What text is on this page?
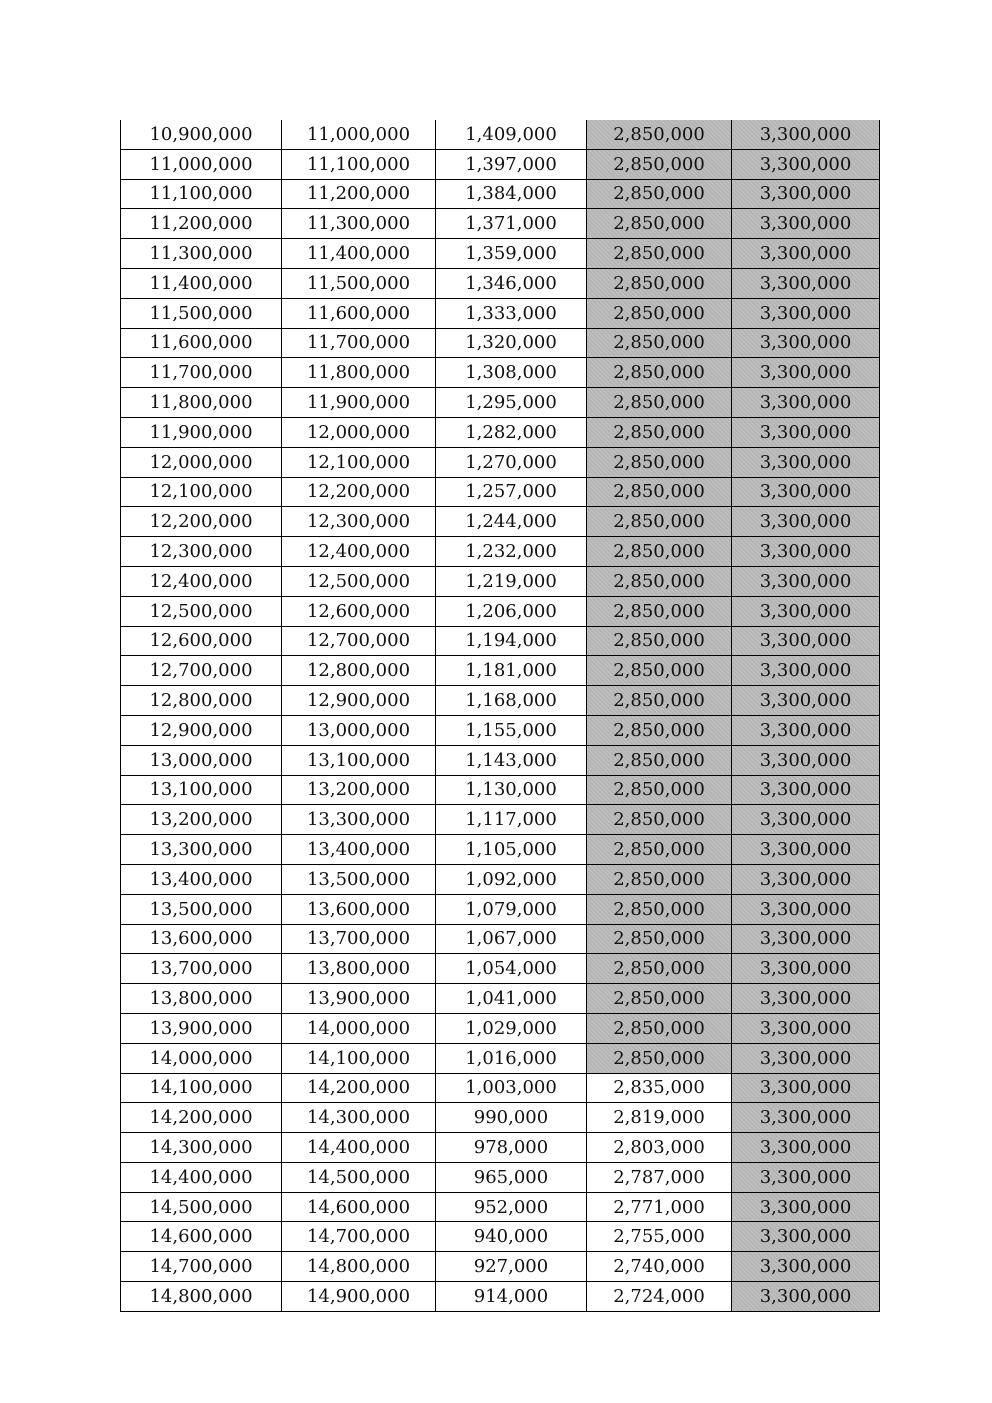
10,900,000	11,000,000	1,409,000	2,850,000	3,300,000
11,000,000	11,100,000	1,397,000	2,850,000	3,300,000
11,100,000	11,200,000	1,384,000	2,850,000	3,300,000
11,200,000	11,300,000	1,371,000	2,850,000	3,300,000
11,300,000	11,400,000	1,359,000	2,850,000	3,300,000
11,400,000	11,500,000	1,346,000	2,850,000	3,300,000
11,500,000	11,600,000	1,333,000	2,850,000	3,300,000
11,600,000	11,700,000	1,320,000	2,850,000	3,300,000
11,700,000	11,800,000	1,308,000	2,850,000	3,300,000
11,800,000	11,900,000	1,295,000	2,850,000	3,300,000
11,900,000	12,000,000	1,282,000	2,850,000	3,300,000
12,000,000	12,100,000	1,270,000	2,850,000	3,300,000
12,100,000	12,200,000	1,257,000	2,850,000	3,300,000
12,200,000	12,300,000	1,244,000	2,850,000	3,300,000
12,300,000	12,400,000	1,232,000	2,850,000	3,300,000
12,400,000	12,500,000	1,219,000	2,850,000	3,300,000
12,500,000	12,600,000	1,206,000	2,850,000	3,300,000
12,600,000	12,700,000	1,194,000	2,850,000	3,300,000
12,700,000	12,800,000	1,181,000	2,850,000	3,300,000
12,800,000	12,900,000	1,168,000	2,850,000	3,300,000
12,900,000	13,000,000	1,155,000	2,850,000	3,300,000
13,000,000	13,100,000	1,143,000	2,850,000	3,300,000
13,100,000	13,200,000	1,130,000	2,850,000	3,300,000
13,200,000	13,300,000	1,117,000	2,850,000	3,300,000
13,300,000	13,400,000	1,105,000	2,850,000	3,300,000
13,400,000	13,500,000	1,092,000	2,850,000	3,300,000
13,500,000	13,600,000	1,079,000	2,850,000	3,300,000
13,600,000	13,700,000	1,067,000	2,850,000	3,300,000
13,700,000	13,800,000	1,054,000	2,850,000	3,300,000
13,800,000	13,900,000	1,041,000	2,850,000	3,300,000
13,900,000	14,000,000	1,029,000	2,850,000	3,300,000
14,000,000	14,100,000	1,016,000	2,850,000	3,300,000
14,100,000	14,200,000	1,003,000	2,835,000	3,300,000
14,200,000	14,300,000	990,000	2,819,000	3,300,000
14,300,000	14,400,000	978,000	2,803,000	3,300,000
14,400,000	14,500,000	965,000	2,787,000	3,300,000
14,500,000	14,600,000	952,000	2,771,000	3,300,000
14,600,000	14,700,000	940,000	2,755,000	3,300,000
14,700,000	14,800,000	927,000	2,740,000	3,300,000
14,800,000	14,900,000	914,000	2,724,000	3,300,000
